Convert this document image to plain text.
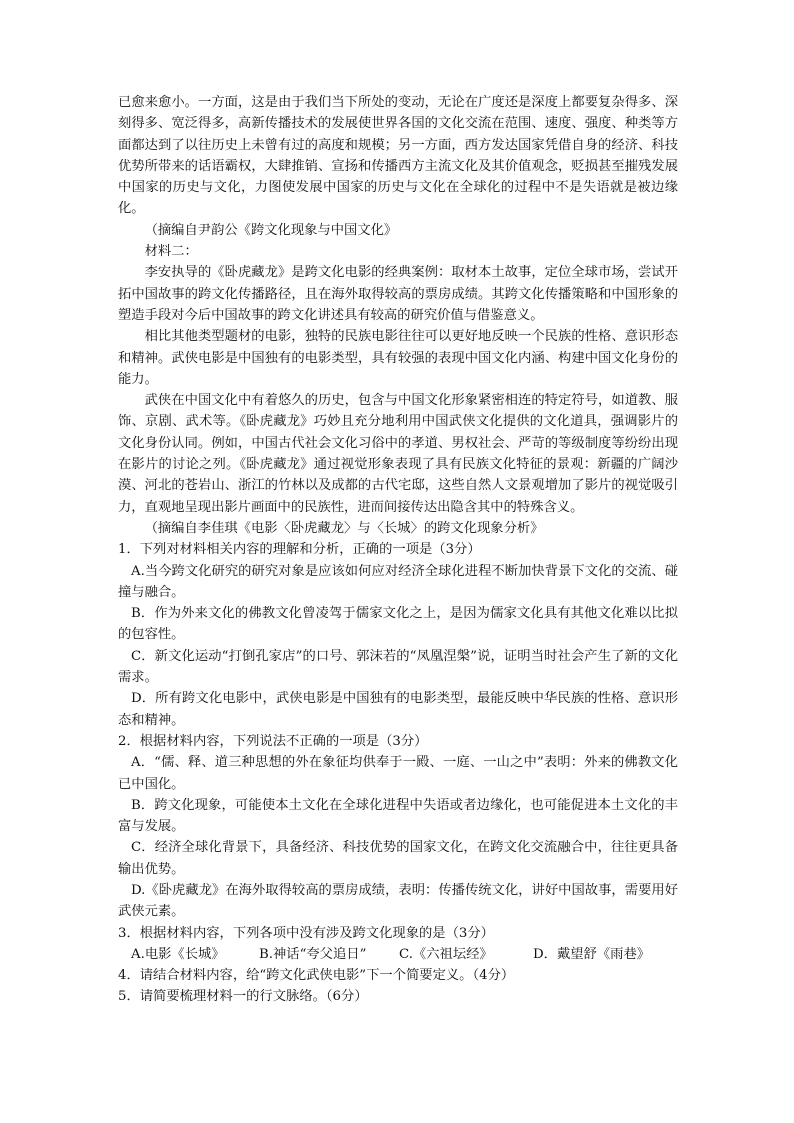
已愈来愈小。一方面，这是由于我们当下所处的变动，无论在广度还是深度上都要复杂得多、深刻得多、宽泛得多，高新传播技术的发展使世界各国的文化交流在范围、速度、强度、种类等方面都达到了以往历史上未曾有过的高度和规模；另一方面，西方发达国家凭借自身的经济、科技优势所带来的话语霸权，大肆推销、宣扬和传播西方主流文化及其价值观念，贬损甚至摧残发展中国家的历史与文化，力图使发展中国家的历史与文化在全球化的过程中不是失语就是被边缘化。

（摘编自尹韵公《跨文化现象与中国文化》

材料二：

李安执导的《卧虎藏龙》是跨文化电影的经典案例：取材本土故事，定位全球市场，尝试开拓中国故事的跨文化传播路径，且在海外取得较高的票房成绩。其跨文化传播策略和中国形象的塑造手段对今后中国故事的跨文化讲述具有较高的研究价值与借鉴意义。

相比其他类型题材的电影，独特的民族电影往往可以更好地反映一个民族的性格、意识形态和精神。武侠电影是中国独有的电影类型，具有较强的表现中国文化内涵、构建中国文化身份的能力。

武侠在中国文化中有着悠久的历史，包含与中国文化形象紧密相连的特定符号，如道教、服饰、京剧、武术等。《卧虎藏龙》巧妙且充分地利用中国武侠文化提供的文化道具，强调影片的文化身份认同。例如，中国古代社会文化习俗中的孝道、男权社会、严苛的等级制度等纷纷出现在影片的讨论之列。《卧虎藏龙》通过视觉形象表现了具有民族文化特征的景观：新疆的广阔沙漠、河北的苍岩山、浙江的竹林以及成都的古代宅邸，这些自然人文景观增加了影片的视觉吸引力，直观地呈现出影片画面中的民族性，进而间接传达出隐含其中的特殊含义。

（摘编自李佳琪《电影〈卧虎藏龙〉与〈长城〉的跨文化现象分析》

1．下列对材料相关内容的理解和分析，正确的一项是（3分）

A.当今跨文化研究的研究对象是应该如何应对经济全球化进程不断加快背景下文化的交流、碰撞与融合。

B．作为外来文化的佛教文化曾凌驾于儒家文化之上，是因为儒家文化具有其他文化难以比拟的包容性。

C．新文化运动“打倒孔家店”的口号、郭沫若的“凤凰涅槃”说，证明当时社会产生了新的文化需求。

D．所有跨文化电影中，武侠电影是中国独有的电影类型，最能反映中华民族的性格、意识形态和精神。

2．根据材料内容，下列说法不正确的一项是（3分）

A．“儒、释、道三种思想的外在象征均供奉于一殿、一庭、一山之中”表明：外来的佛教文化已中国化。

B．跨文化现象，可能使本土文化在全球化进程中失语或者边缘化，也可能促进本土文化的丰富与发展。

C．经济全球化背景下，具备经济、科技优势的国家文化，在跨文化交流融合中，往往更具备输出优势。

D.《卧虎藏龙》在海外取得较高的票房成绩，表明：传播传统文化，讲好中国故事，需要用好武侠元素。

3．根据材料内容，下列各项中没有涉及跨文化现象的是（3分）

A.电影《长城》	B.神话“夸父追日”	C.《六祖坛经》	D．戴望舒《雨巷》

4．请结合材料内容，给“跨文化武侠电影”下一个简要定义。（4分）

5．请简要梳理材料一的行文脉络。（6分）
